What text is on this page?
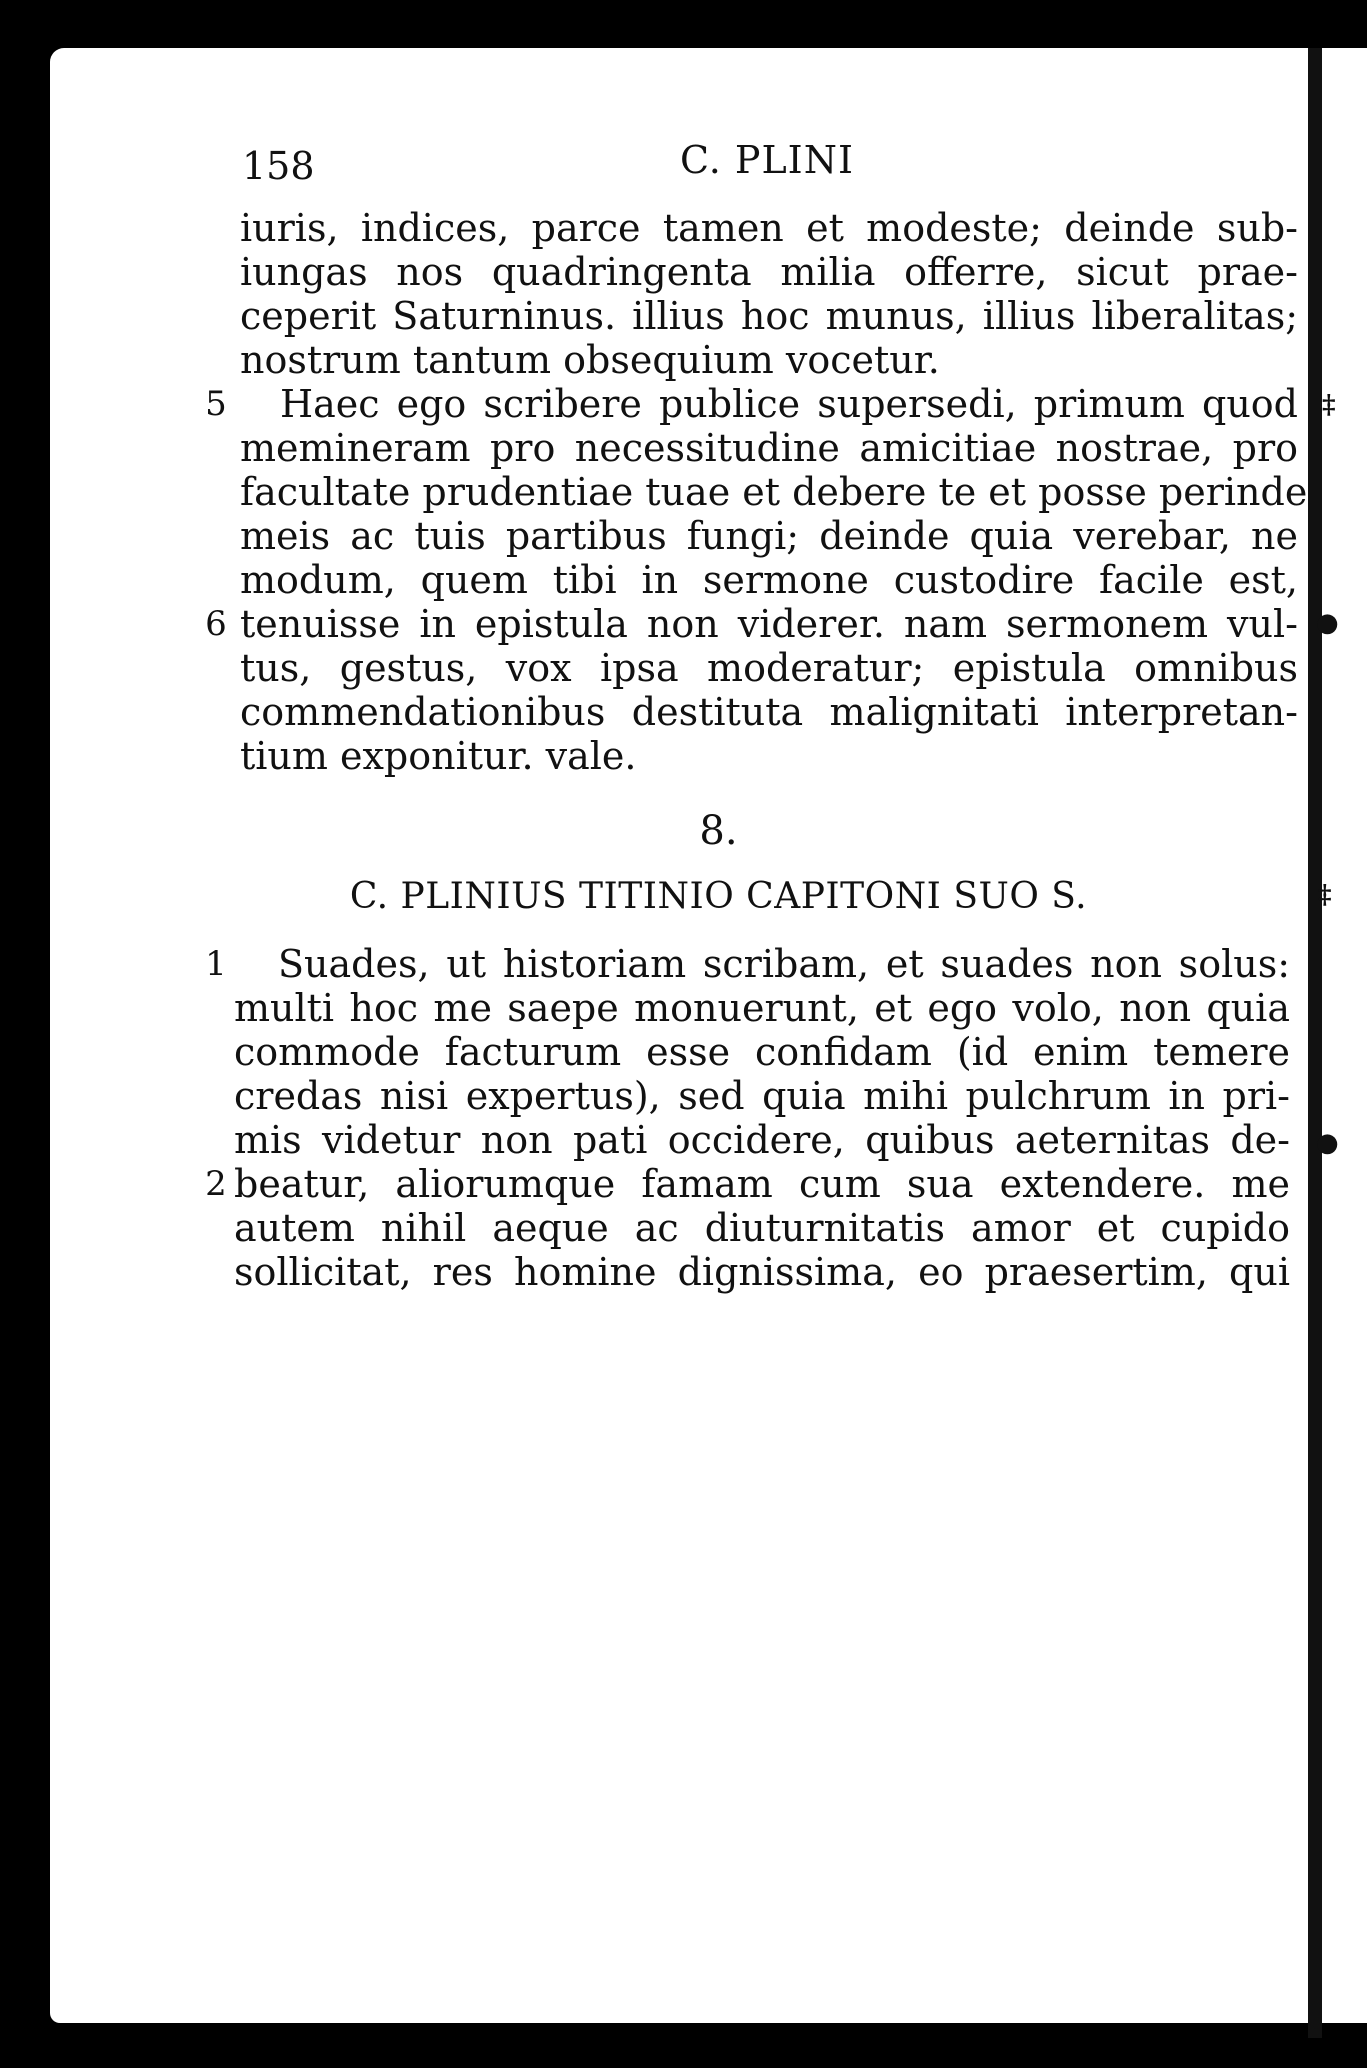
158	C. PLINI
iuris, indices, parce tamen et modeste; deinde sub-
iungas nos quadringenta milia offerre, sicut prae-
ceperit Saturninus. illius hoc munus, illius liberalitas;
nostrum tantum obsequium vocetur.
5 Haec ego scribere publice supersedi, primum quod
memineram pro necessitudine amicitiae nostrae, pro
facultate prudentiae tuae et debere te et posse perinde
meis ac tuis partibus fungi; deinde quia verebar, ne
modum, quem tibi in sermone custodire facile est,
6 tenuisse in epistula non viderer. nam sermonem vul-
tus, gestus, vox ipsa moderatur; epistula omnibus
commendationibus destituta malignitati interpretan-
tium exponitur. vale.
8.
C. PLINIUS TITINIO CAPITONI SUO S.
1 Suades, ut historiam scribam, et suades non solus:
multi hoc me saepe monuerunt, et ego volo, non quia
commode facturum esse confidam (id enim temere
credas nisi expertus), sed quia mihi pulchrum in pri-
mis videtur non pati occidere, quibus aeternitas de-
2 beatur, aliorumque famam cum sua extendere. me
autem nihil aeque ac diuturnitatis amor et cupido
sollicitat, res homine dignissima, eo praesertim, qui
‡
●
‡
●
